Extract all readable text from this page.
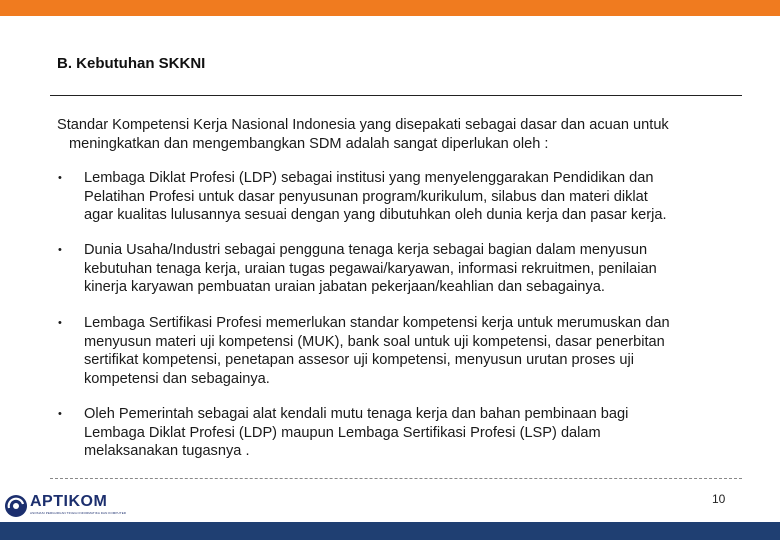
B. Kebutuhan SKKNI
Standar Kompetensi Kerja Nasional Indonesia yang disepakati sebagai dasar dan acuan untuk
meningkatkan dan mengembangkan SDM adalah sangat diperlukan oleh :
• Lembaga Diklat Profesi (LDP) sebagai institusi yang menyelenggarakan Pendidikan dan
Pelatihan Profesi untuk dasar penyusunan program/kurikulum, silabus dan materi diklat
agar kualitas lulusannya sesuai dengan yang dibutuhkan oleh dunia kerja dan pasar kerja.
• Dunia Usaha/Industri sebagai pengguna tenaga kerja sebagai bagian dalam menyusun
kebutuhan tenaga kerja, uraian tugas pegawai/karyawan, informasi rekruitmen, penilaian
kinerja karyawan pembuatan uraian jabatan pekerjaan/keahlian dan sebagainya.
• Lembaga Sertifikasi Profesi memerlukan standar kompetensi kerja untuk merumuskan dan
menyusun materi uji kompetensi (MUK), bank soal untuk uji kompetensi, dasar penerbitan
sertifikat kompetensi, penetapan assesor uji kompetensi, menyusun urutan proses uji
kompetensi dan sebagainya.
• Oleh Pemerintah sebagai alat kendali mutu tenaga kerja dan bahan pembinaan bagi
Lembaga Diklat Profesi (LDP) maupun Lembaga Sertifikasi Profesi (LSP) dalam
melaksanakan tugasnya .
APTIKOM
ASOSIASI PERGURUAN TINGGI INFORMATIKA DAN KOMPUTER
10
